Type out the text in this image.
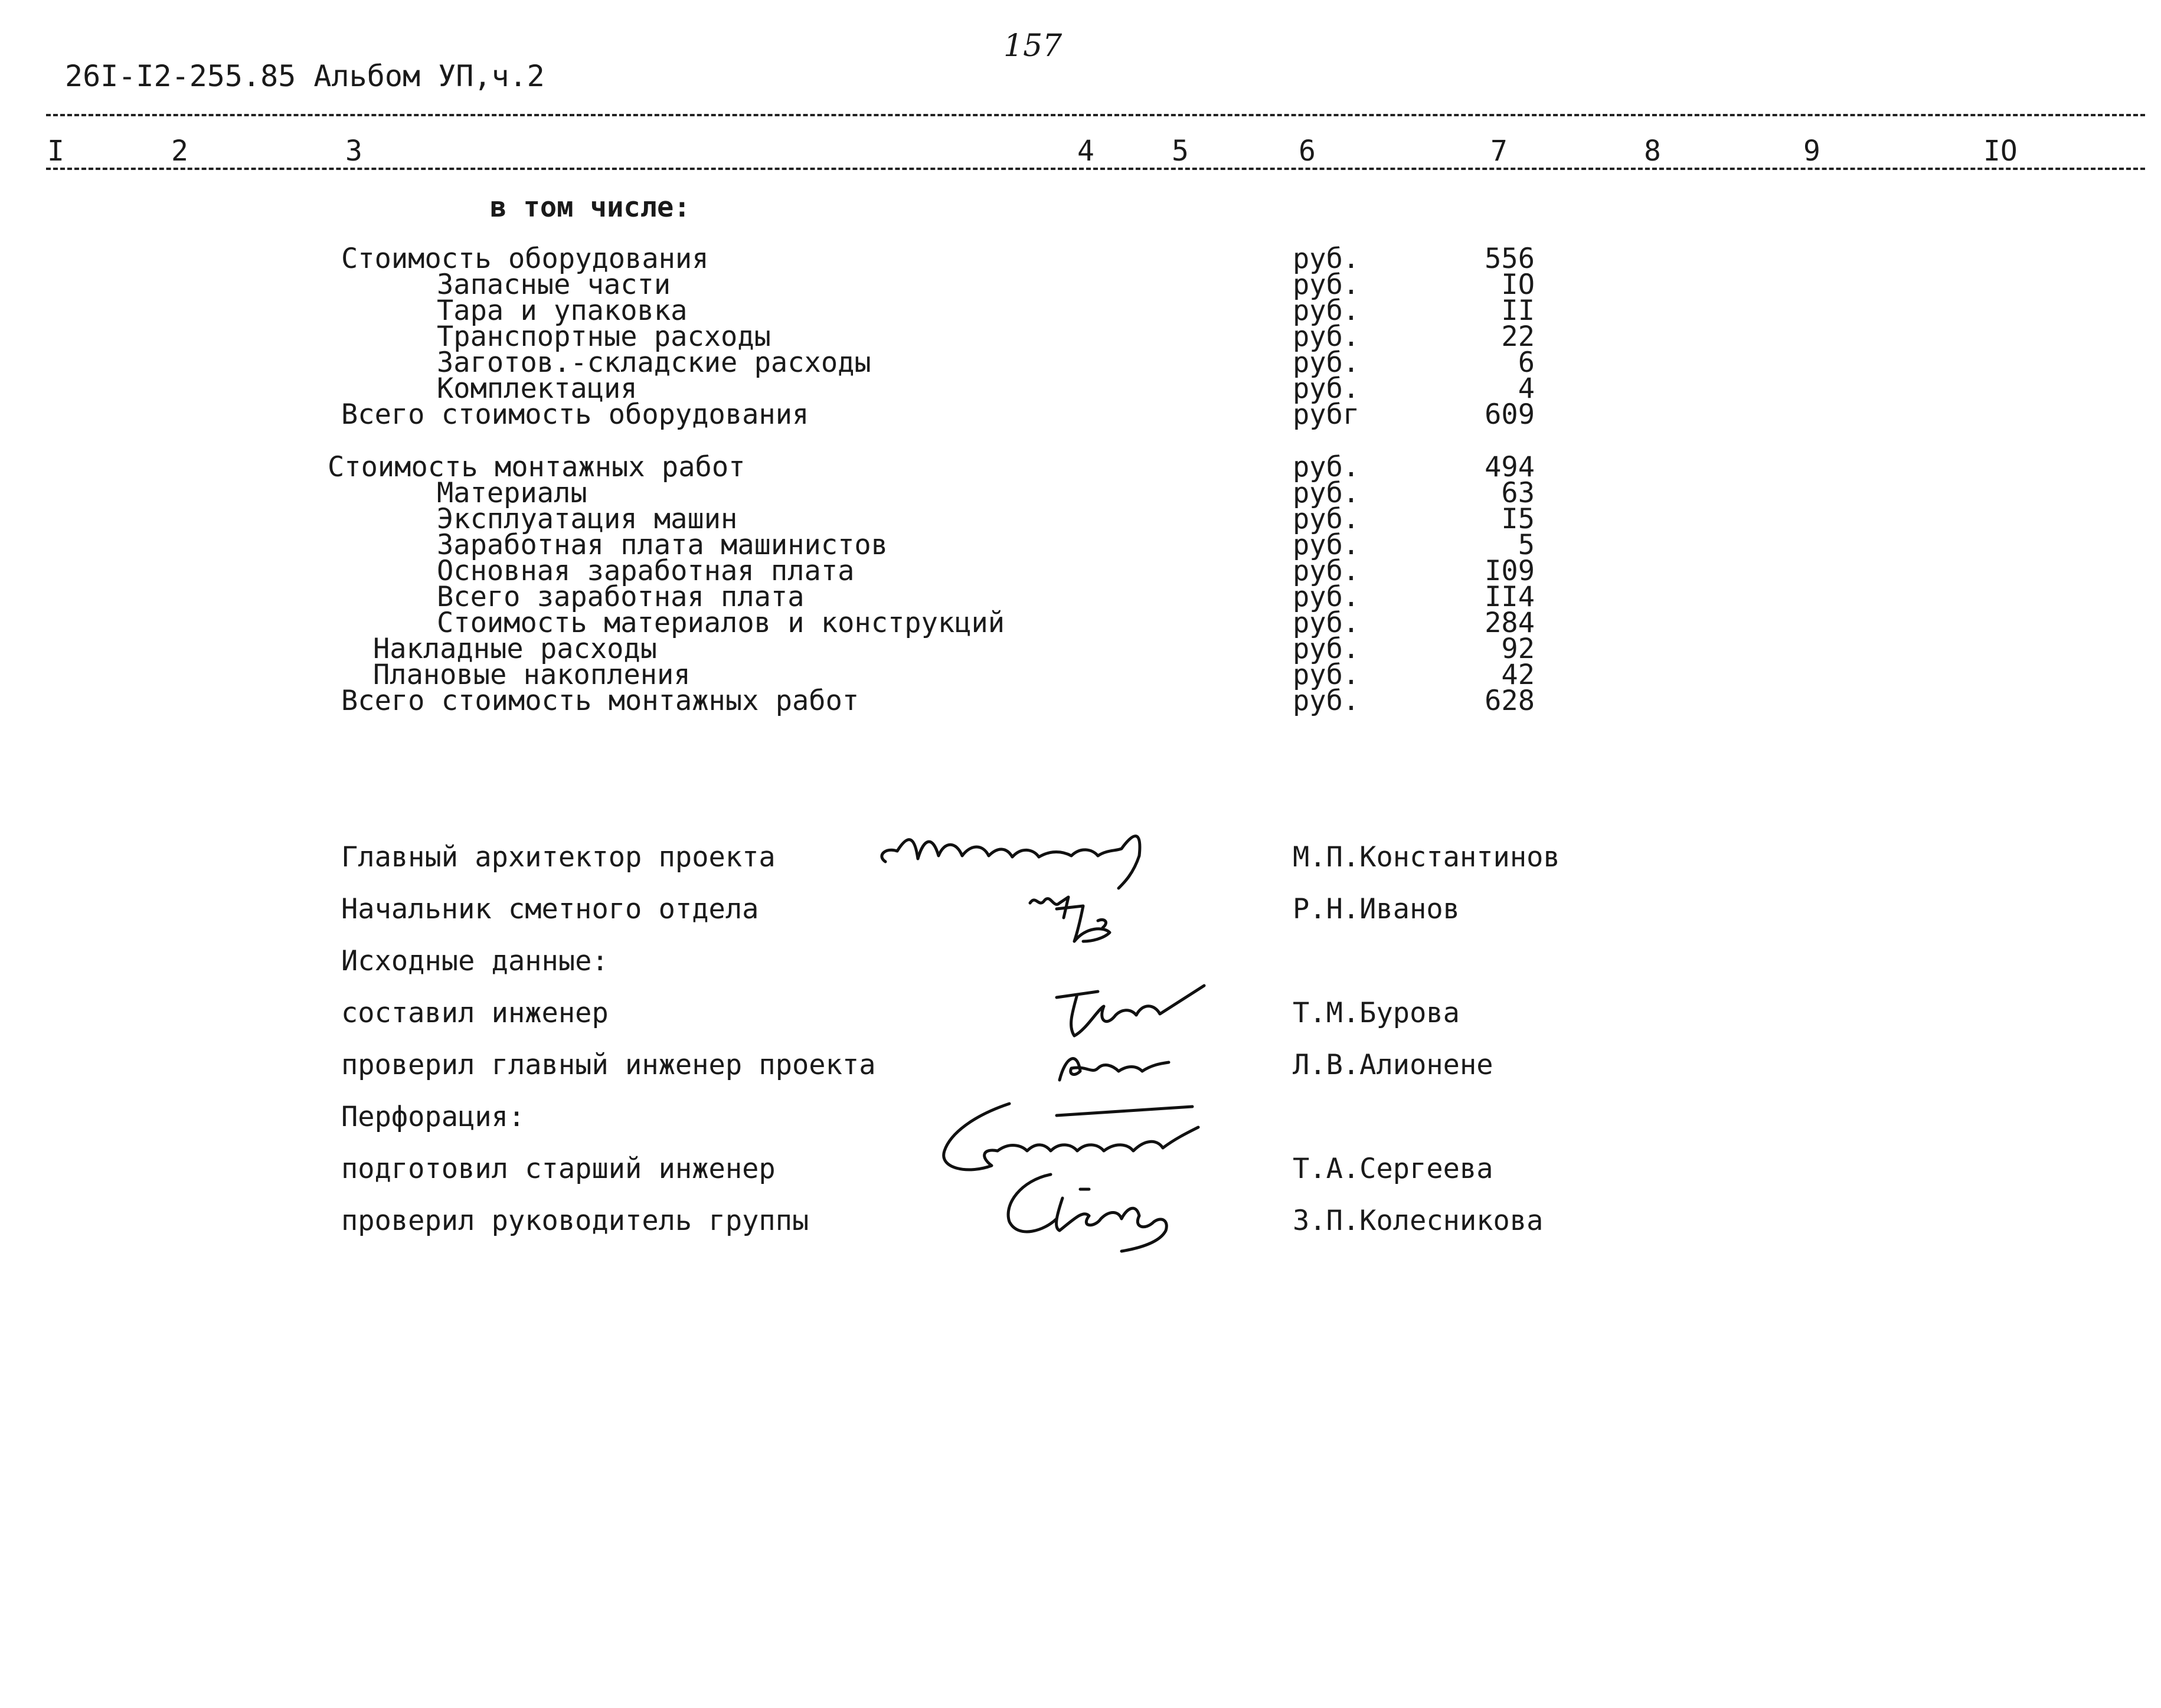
26I-I2-255.85 Альбом УП,ч.2
157
I	2	3	4	5	6	7	8	9	IO
в том числе:
Стоимость оборудования	руб.	556
Запасные части	руб.	IO
Тара и упаковка	руб.	II
Транспортные расходы	руб.	22
Заготов.-складские расходы	руб.	6
Комплектация	руб.	4
Всего стоимость оборудования	рубг	609
Стоимость монтажных работ	руб.	494
Материалы	руб.	63
Эксплуатация машин	руб.	I5
Заработная плата машинистов	руб.	5
Основная заработная плата	руб.	I09
Всего заработная плата	руб.	II4
Стоимость материалов и конструкций	руб.	284
Накладные расходы	руб.	92
Плановые накопления	руб.	42
Всего стоимость монтажных работ	руб.	628
Главный архитектор проекта	М.П.Константинов
Начальник сметного отдела	Р.Н.Иванов
Исходные данные:
составил инженер	Т.М.Бурова
проверил главный инженер проекта	Л.В.Алионене
Перфорация:
подготовил старший инженер	Т.А.Сергеева
проверил руководитель группы	З.П.Колесникова
